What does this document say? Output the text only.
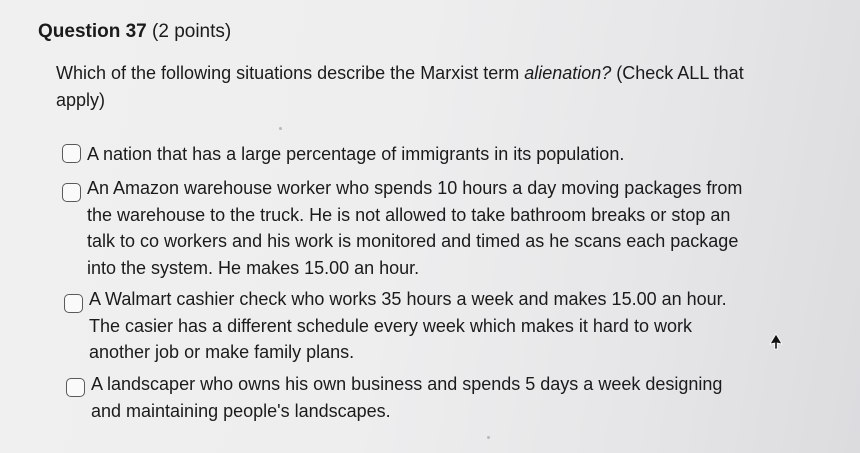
Question 37 (2 points)
Which of the following situations describe the Marxist term alienation? (Check ALL that apply)
A nation that has a large percentage of immigrants in its population.
An Amazon warehouse worker who spends 10 hours a day moving packages from the warehouse to the truck. He is not allowed to take bathroom breaks or stop an talk to co workers and his work is monitored and timed as he scans each package into the system. He makes 15.00 an hour.
A Walmart cashier check who works 35 hours a week and makes 15.00 an hour. The casier has a different schedule every week which makes it hard to work another job or make family plans.
A landscaper who owns his own business and spends 5 days a week designing and maintaining people's landscapes.
